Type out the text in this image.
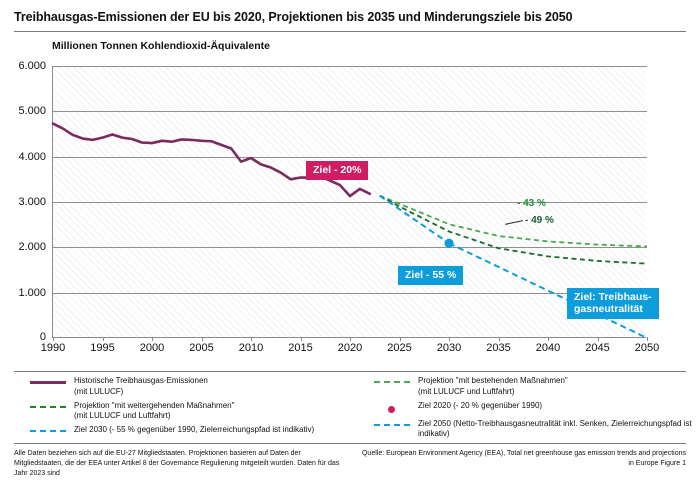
Treibhausgas-Emissionen der EU bis 2020, Projektionen bis 2035 und Minderungsziele bis 2050
Millionen Tonnen Kohlendioxid-Äquivalente
6.000
5.000
4.000
3.000
2.000
1.000
0
1990 1995 2000 2005 2010 2015 2020 2025 2030 2035 2040 2045 2050
Ziel - 20%
Ziel - 55 %
Ziel: Treibhaus-
gasneutralität
- 43 %
- 49 %
Historische Treibhausgas-Emissionen
(mit LULUCF)
Projektion "mit weitergehenden Maßnahmen"
(mit LULUCF und Luftfahrt)
Ziel 2030 (- 55 % gegenüber 1990, Zielerreichungspfad ist indikativ)
Projektion "mit bestehenden Maßnahmen"
(mit LULUCF und Luftfahrt)
Ziel 2020 (- 20 % gegenüber 1990)
Ziel 2050 (Netto-Treibhausgasneutralität inkl. Senken, Zielerreichungspfad ist indikativ)
Alle Daten beziehen sich auf die EU-27 Mitgliedstaaten. Projektionen basieren auf Daten der Mitgliedstaaten, die der EEA unter Artikel 8 der Governance Regulierung mitgeteilt wurden. Daten für das Jahr 2023 sind
Quelle: European Environment Agency (EEA), Total net greenhouse gas emission trends and projections in Europe Figure 1
